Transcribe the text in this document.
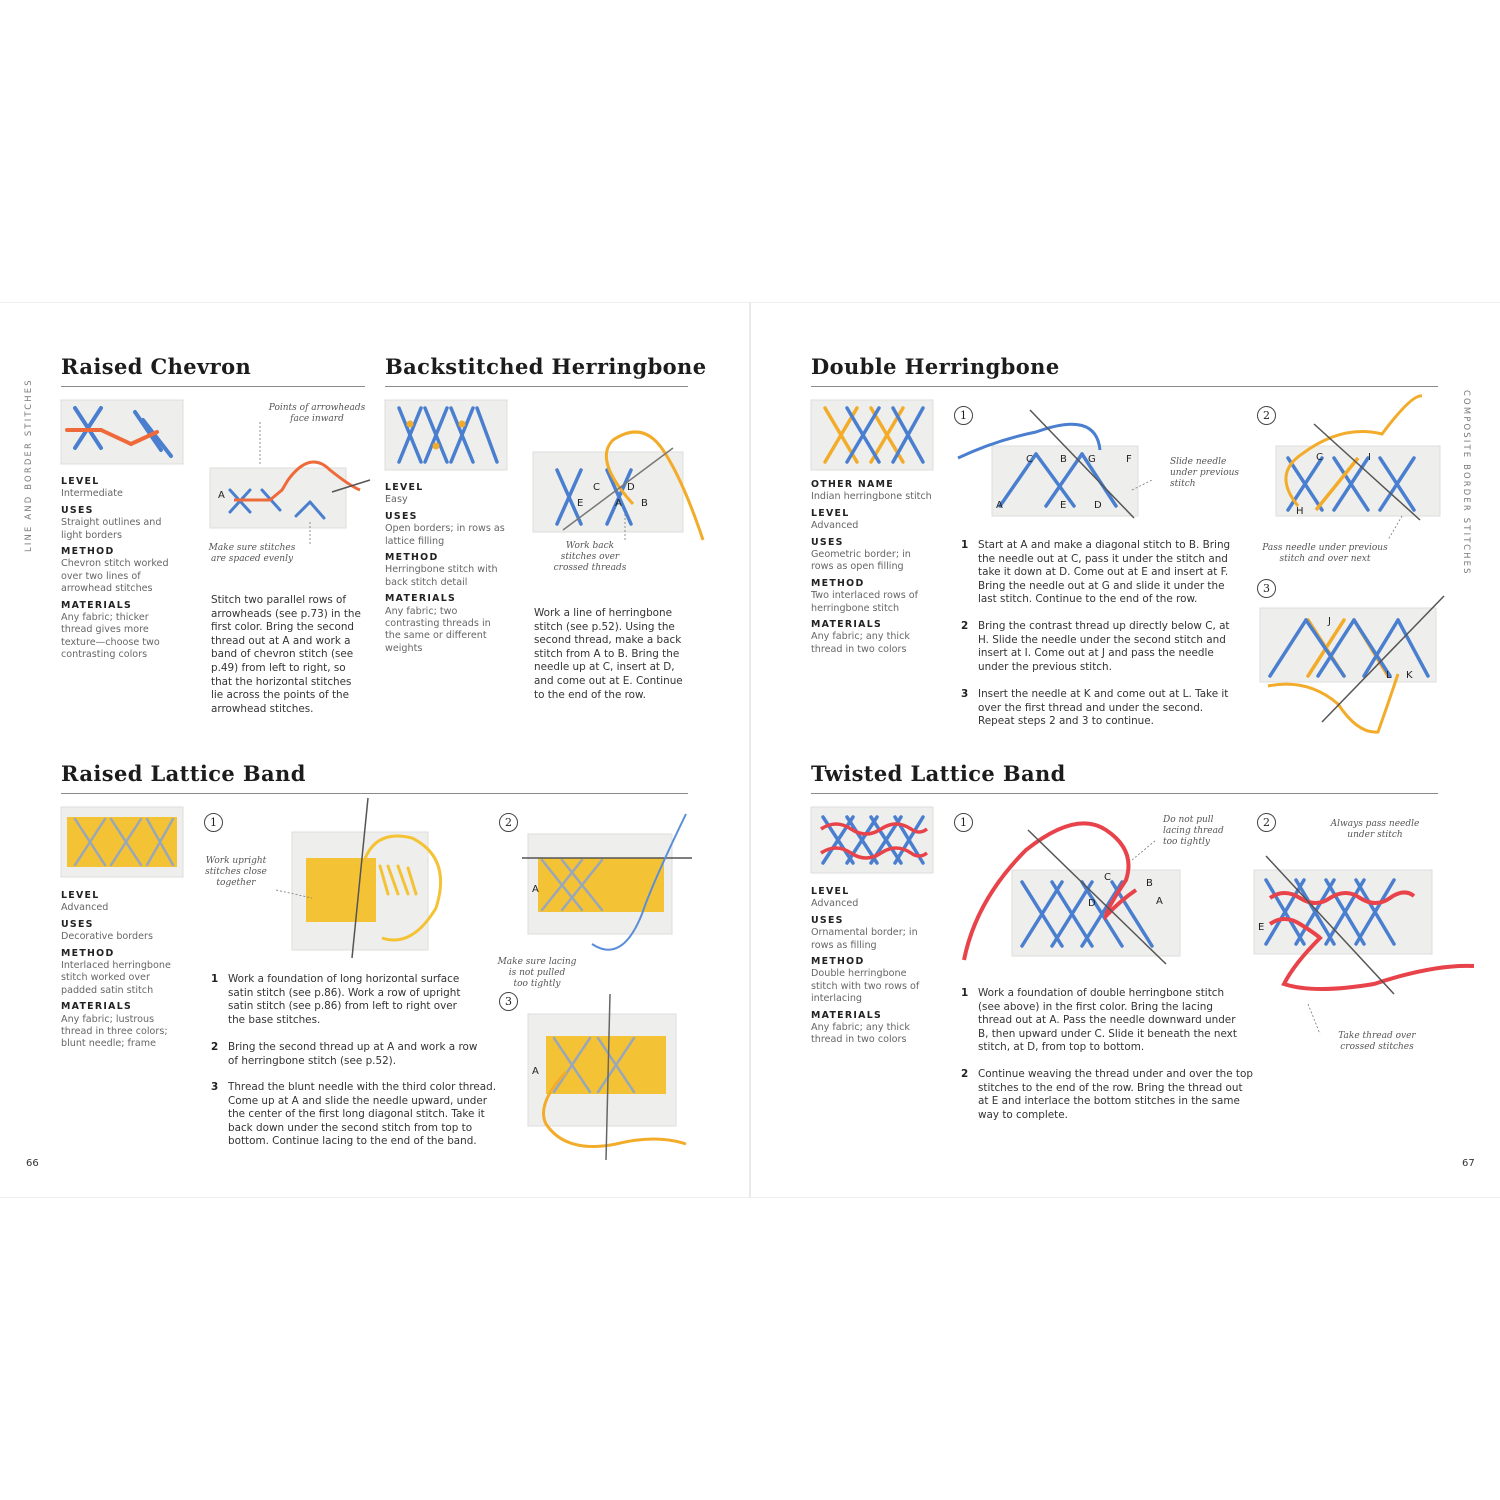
LINE AND BORDER STITCHES	COMPOSITE BORDER STITCHES
66	67
Raised Chevron
LEVEL
Intermediate
USES
Straight outlines and light borders
METHOD
Chevron stitch worked over two lines of arrowhead stitches
MATERIALS
Any fabric; thicker thread gives more texture—choose two contrasting colors
Points of arrowheads
face inward
A
Make sure stitches
are spaced evenly
Stitch two parallel rows of arrowheads (see p.73) in the first color. Bring the second thread out at A and work a band of chevron stitch (see p.49) from left to right, so that the horizontal stitches lie across the points of the arrowhead stitches.
Backstitched Herringbone
LEVEL
Easy
USES
Open borders; in rows as lattice filling
METHOD
Herringbone stitch with back stitch detail
MATERIALS
Any fabric; two contrasting threads in the same or different weights
C	D
E	A B
Work back
stitches over
crossed threads
Work a line of herringbone stitch (see p.52). Using the second thread, make a back stitch from A to B. Bring the needle up at C, insert at D, and come out at E. Continue to the end of the row.
Double Herringbone
OTHER NAME
Indian herringbone stitch
LEVEL
Advanced
USES
Geometric border; in rows as open filling
METHOD
Two interlaced rows of herringbone stitch
MATERIALS
Any fabric; any thick thread in two colors
1
C	B G	F
A	E	D
Slide needle
under previous
stitch
2
C	I
H
Pass needle under previous
stitch and over next
3
J
L K
1 Start at A and make a diagonal stitch to B. Bring the needle out at C, pass it under the stitch and take it down at D. Come out at E and insert at F. Bring the needle out at G and slide it under the last stitch. Continue to the end of the row.
2 Bring the contrast thread up directly below C, at H. Slide the needle under the second stitch and insert at I. Come out at J and pass the needle under the previous stitch.
3 Insert the needle at K and come out at L. Take it over the first thread and under the second. Repeat steps 2 and 3 to continue.
Raised Lattice Band
LEVEL
Advanced
USES
Decorative borders
METHOD
Interlaced herringbone stitch worked over padded satin stitch
MATERIALS
Any fabric; lustrous thread in three colors; blunt needle; frame
1
Work upright
stitches close
together
2
A
Make sure lacing
is not pulled
too tightly
3
A
1 Work a foundation of long horizontal surface satin stitch (see p.86). Work a row of upright satin stitch (see p.86) from left to right over the base stitches.
2 Bring the second thread up at A and work a row of herringbone stitch (see p.52).
3 Thread the blunt needle with the third color thread. Come up at A and slide the needle upward, under the center of the first long diagonal stitch. Take it back down under the second stitch from top to bottom. Continue lacing to the end of the band.
Twisted Lattice Band
LEVEL
Advanced
USES
Ornamental border; in rows as filling
METHOD
Double herringbone stitch with two rows of interlacing
MATERIALS
Any fabric; any thick thread in two colors
1
C
B
D	A
Do not pull
lacing thread
too tightly
2	Always pass needle
under stitch
E
Take thread over
crossed stitches
1 Work a foundation of double herringbone stitch (see above) in the first color. Bring the lacing thread out at A. Pass the needle downward under B, then upward under C. Slide it beneath the next stitch, at D, from top to bottom.
2 Continue weaving the thread under and over the top stitches to the end of the row. Bring the thread out at E and interlace the bottom stitches in the same way to complete.
